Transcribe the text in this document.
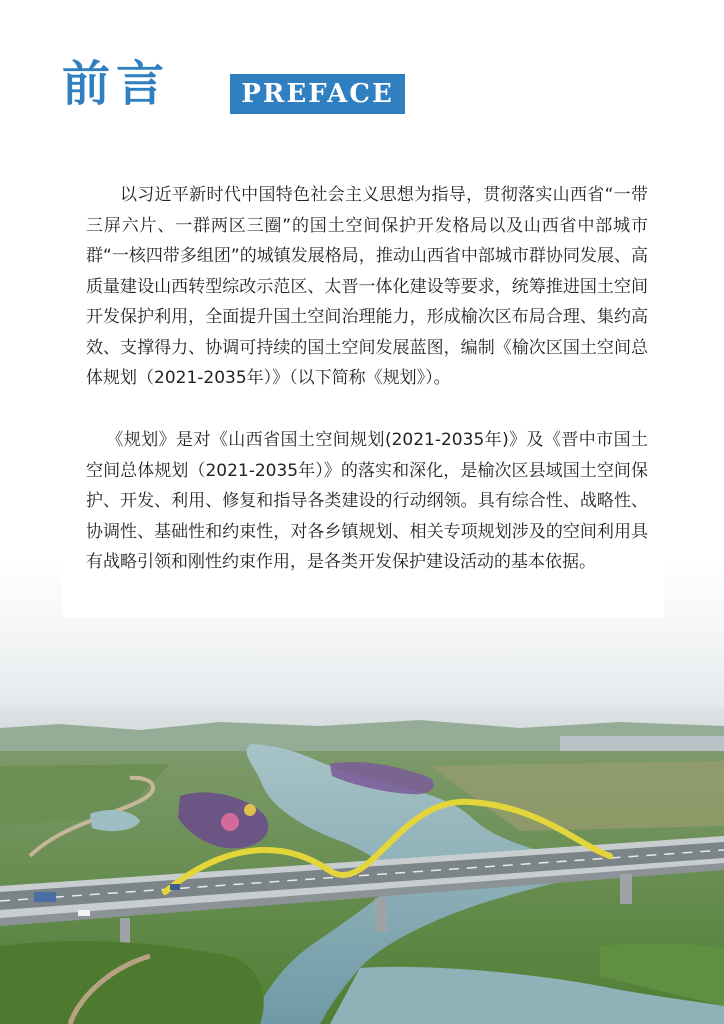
前言	PREFACE

以习近平新时代中国特色社会主义思想为指导，贯彻落实山西省“一带三屏六片、一群两区三圈”的国土空间保护开发格局以及山西省中部城市群“一核四带多组团”的城镇发展格局，推动山西省中部城市群协同发展、高质量建设山西转型综改示范区、太晋一体化建设等要求，统筹推进国土空间开发保护利用，全面提升国土空间治理能力，形成榆次区布局合理、集约高效、支撑得力、协调可持续的国土空间发展蓝图，编制《榆次区国土空间总体规划（2021-2035年）》（以下简称《规划》）。

《规划》是对《山西省国土空间规划(2021-2035年)》及《晋中市国土空间总体规划（2021-2035年）》的落实和深化，是榆次区县域国土空间保护、开发、利用、修复和指导各类建设的行动纲领。具有综合性、战略性、协调性、基础性和约束性，对各乡镇规划、相关专项规划涉及的空间利用具有战略引领和刚性约束作用，是各类开发保护建设活动的基本依据。
